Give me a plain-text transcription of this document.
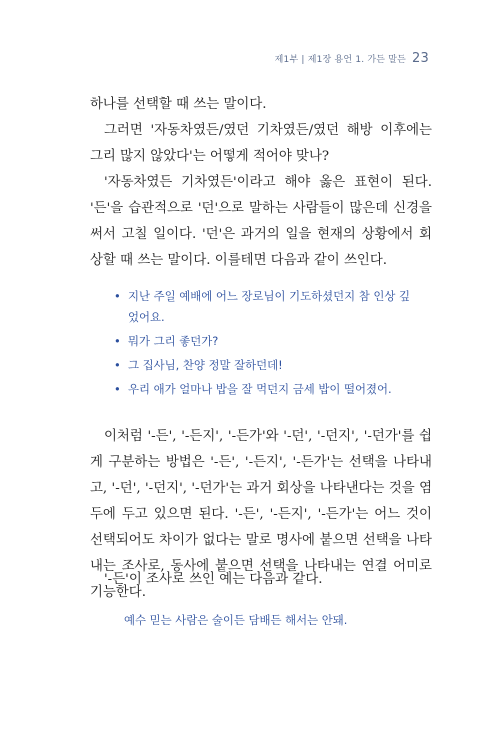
제1부 | 제1장 용언 1. 가든 말든 23

하나를 선택할 때 쓰는 말이다.

그러면 '자동차였든/였던 기차였든/였던 해방 이후에는 그리 많지 않았다'는 어떻게 적어야 맞나?

'자동차였든 기차였든'이라고 해야 옳은 표현이 된다. '든'을 습관적으로 '던'으로 말하는 사람들이 많은데 신경을 써서 고칠 일이다. '던'은 과거의 일을 현재의 상황에서 회상할 때 쓰는 말이다. 이를테면 다음과 같이 쓰인다.

• 지난 주일 예배에 어느 장로님이 기도하셨던지 참 인상 깊었어요.
• 뭐가 그리 좋던가?
• 그 집사님, 찬양 정말 잘하던데!
• 우리 애가 얼마나 밥을 잘 먹던지 금세 밥이 떨어졌어.

이처럼 '-든', '-든지', '-든가'와 '-던', '-던지', '-던가'를 쉽게 구분하는 방법은 '-든', '-든지', '-든가'는 선택을 나타내고, '-던', '-던지', '-던가'는 과거 회상을 나타낸다는 것을 염두에 두고 있으면 된다. '-든', '-든지', '-든가'는 어느 것이 선택되어도 차이가 없다는 말로 명사에 붙으면 선택을 나타내는 조사로, 동사에 붙으면 선택을 나타내는 연결 어미로 기능한다.

'-든'이 조사로 쓰인 예는 다음과 같다.

예수 믿는 사람은 술이든 담배든 해서는 안돼.
